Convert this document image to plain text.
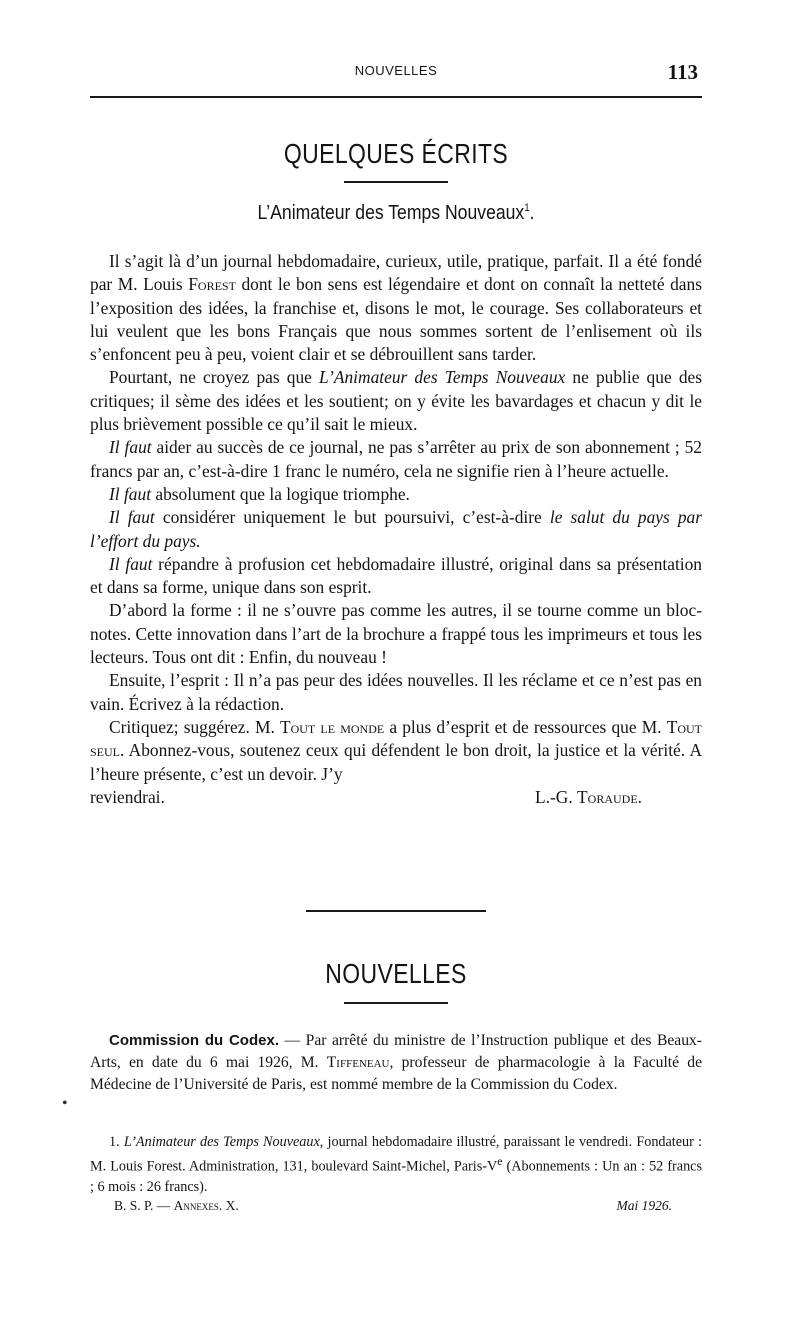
NOUVELLES	113
QUELQUES ÉCRITS
L’Animateur des Temps Nouveaux$^1$.

Il s’agit là d’un journal hebdomadaire, curieux, utile, pratique, parfait. Il a été fondé par M. Louis Forest dont le bon sens est légendaire et dont on connaît la netteté dans l’exposition des idées, la franchise et, disons le mot, le courage. Ses collaborateurs et lui veulent que les bons Français que nous sommes sortent de l’enlisement où ils s’enfoncent peu à peu, voient clair et se débrouillent sans tarder.

Pourtant, ne croyez pas que L’Animateur des Temps Nouveaux ne publie que des critiques; il sème des idées et les soutient; on y évite les bavardages et chacun y dit le plus brièvement possible ce qu’il sait le mieux.

Il faut aider au succès de ce journal, ne pas s’arrêter au prix de son abonnement ; 52 francs par an, c’est-à-dire 1 franc le numéro, cela ne signifie rien à l’heure actuelle.

Il faut absolument que la logique triomphe.

Il faut considérer uniquement le but poursuivi, c’est-à-dire le salut du pays par l’effort du pays.

Il faut répandre à profusion cet hebdomadaire illustré, original dans sa présentation et dans sa forme, unique dans son esprit.

D’abord la forme : il ne s’ouvre pas comme les autres, il se tourne comme un bloc-notes. Cette innovation dans l’art de la brochure a frappé tous les imprimeurs et tous les lecteurs. Tous ont dit : Enfin, du nouveau !

Ensuite, l’esprit : Il n’a pas peur des idées nouvelles. Il les réclame et ce n’est pas en vain. Écrivez à la rédaction.

Critiquez; suggérez. M. Tout le monde a plus d’esprit et de ressources que M. Tout seul. Abonnez-vous, soutenez ceux qui défendent le bon droit, la justice et la vérité. A l’heure présente, c’est un devoir. J’y

reviendrai.	L.-G. Toraude.
NOUVELLES

Commission du Codex. — Par arrêté du ministre de l’Instruction publique et des Beaux-Arts, en date du 6 mai 1926, M. Tiffeneau, professeur de pharmacologie à la Faculté de Médecine de l’Université de Paris, est nommé membre de la Commission du Codex.

1. L’Animateur des Temps Nouveaux, journal hebdomadaire illustré, paraissant le vendredi. Fondateur : M. Louis Forest. Administration, 131, boulevard Saint-Michel, Paris-Ve (Abonnements : Un an : 52 francs ; 6 mois : 26 francs).

B. S. P. — Annexes. X.	Mai 1926.
•
